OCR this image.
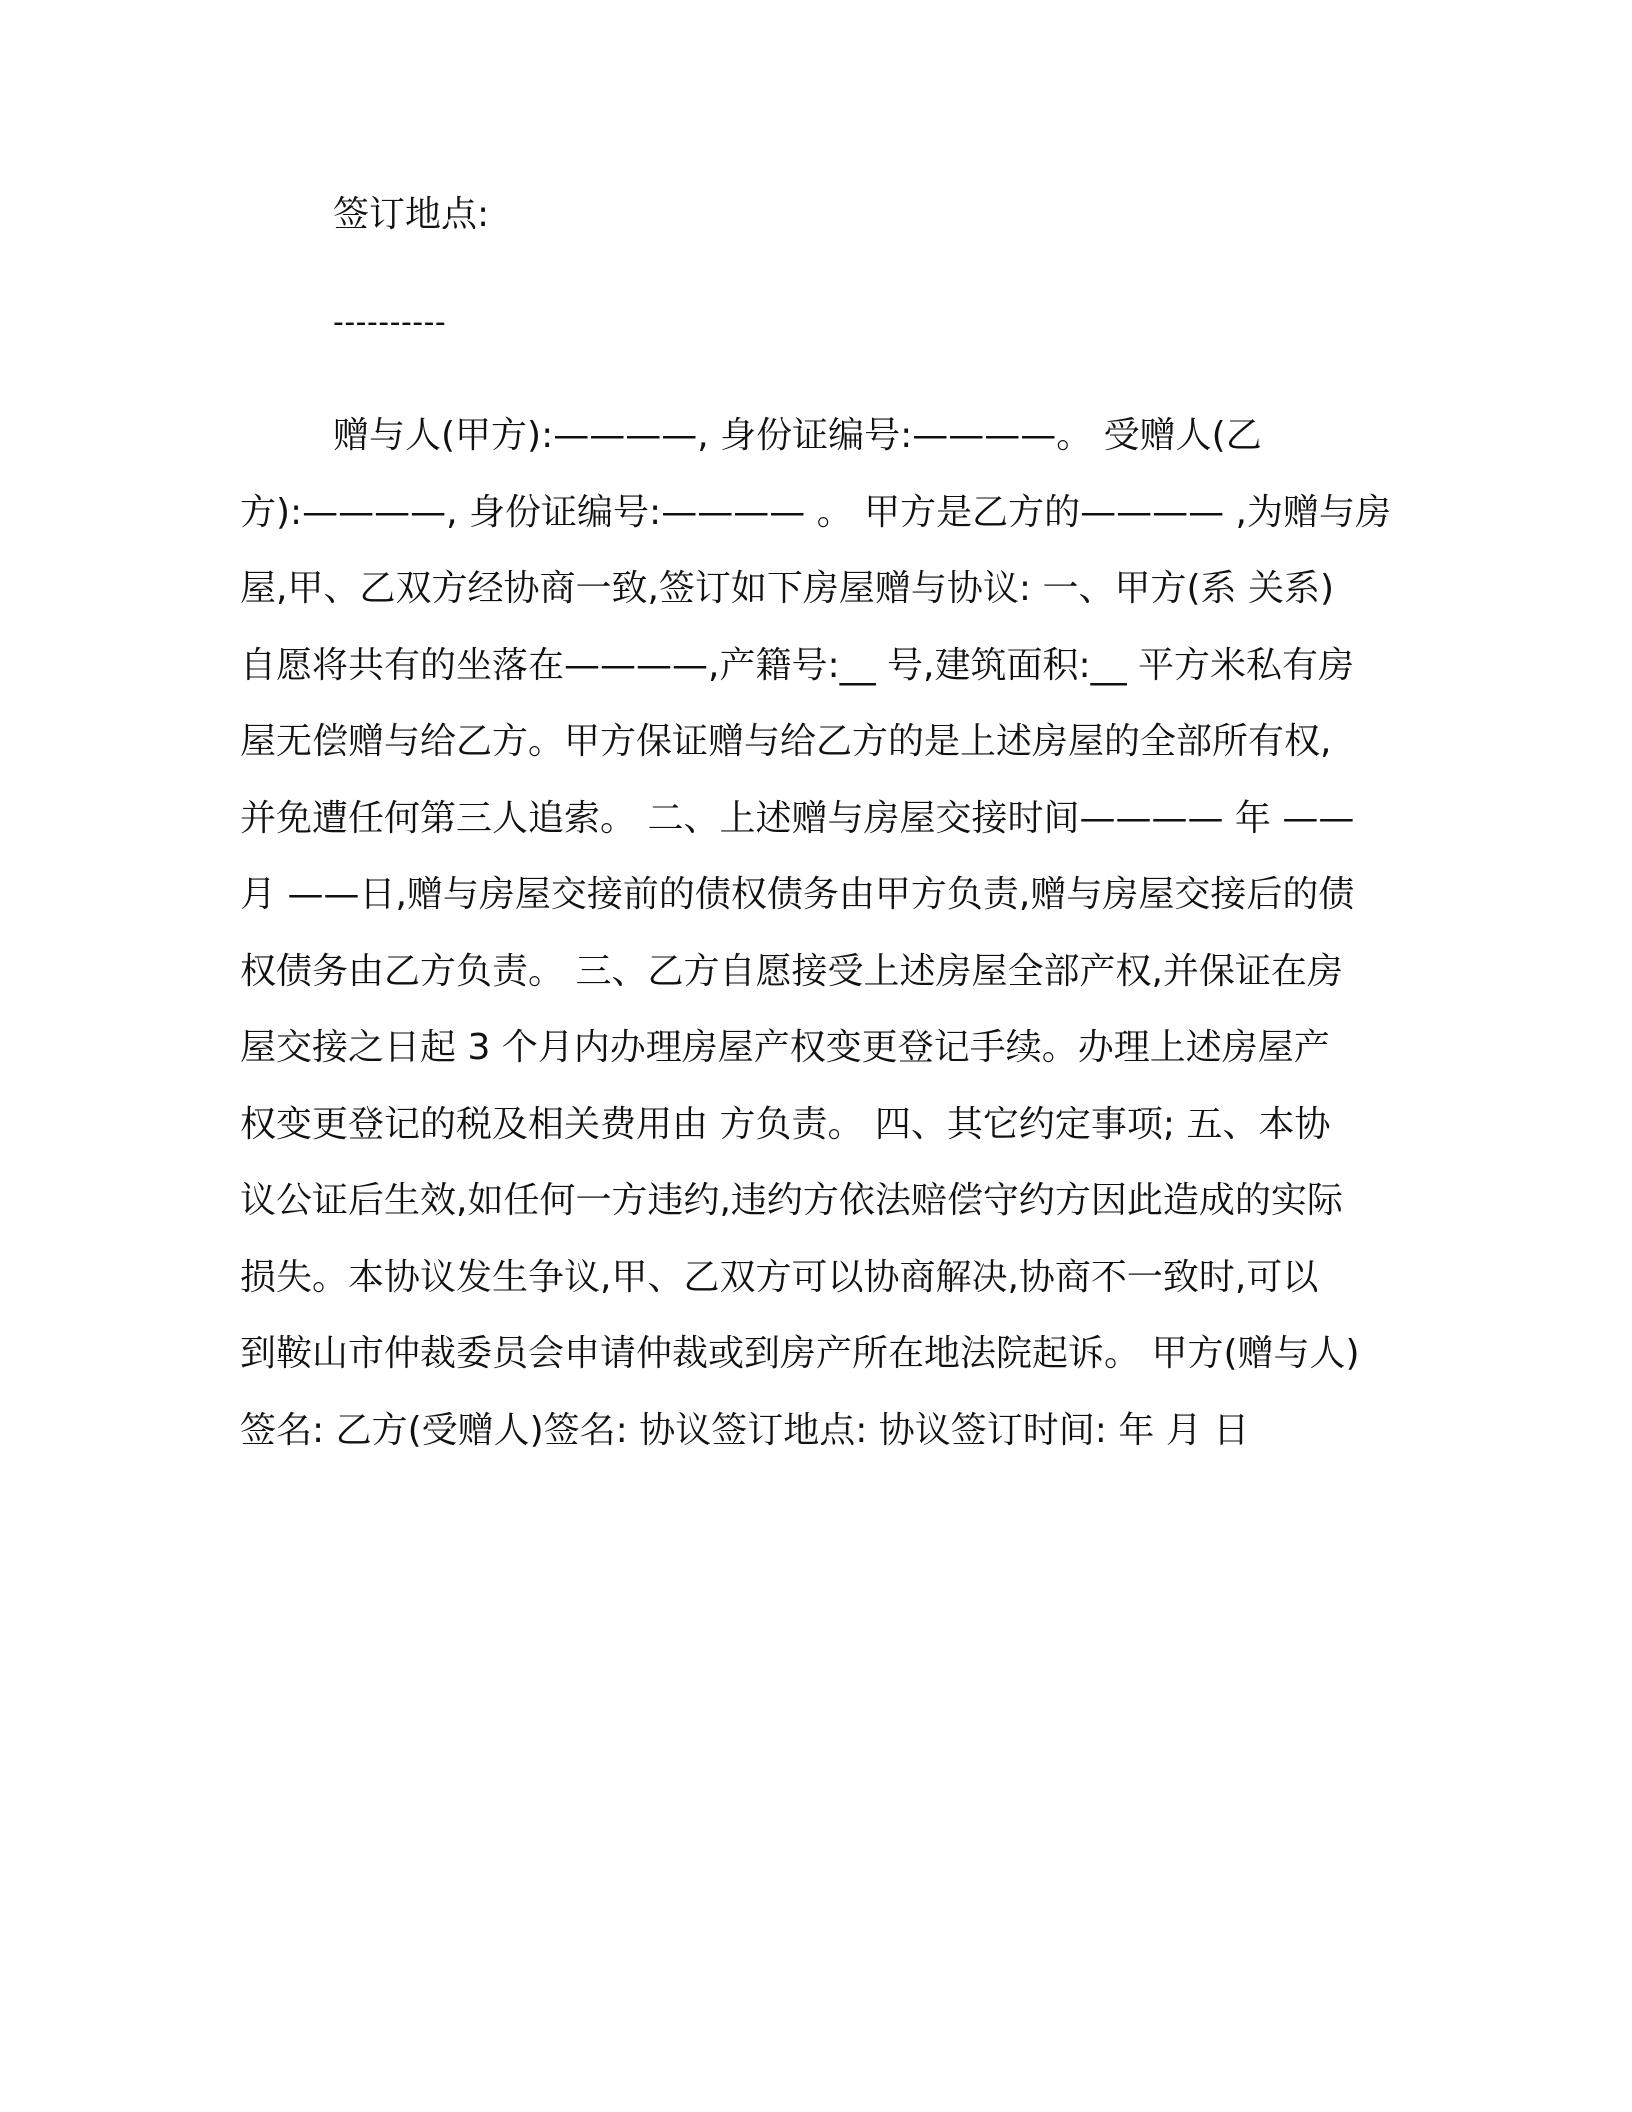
签订地点:
----------
赠与人(甲方):————, 身份证编号:————。 受赠人(乙
方):————, 身份证编号:———— 。 甲方是乙方的———— ,为赠与房
屋,甲、乙双方经协商一致,签订如下房屋赠与协议: 一、甲方(系 关系)
自愿将共有的坐落在————,产籍号:__ 号,建筑面积:__ 平方米私有房
屋无偿赠与给乙方。甲方保证赠与给乙方的是上述房屋的全部所有权,
并免遭任何第三人追索。 二、上述赠与房屋交接时间———— 年 ——
月 ——日,赠与房屋交接前的债权债务由甲方负责,赠与房屋交接后的债
权债务由乙方负责。 三、乙方自愿接受上述房屋全部产权,并保证在房
屋交接之日起 3 个月内办理房屋产权变更登记手续。办理上述房屋产
权变更登记的税及相关费用由 方负责。 四、其它约定事项; 五、本协
议公证后生效,如任何一方违约,违约方依法赔偿守约方因此造成的实际
损失。本协议发生争议,甲、乙双方可以协商解决,协商不一致时,可以
到鞍山市仲裁委员会申请仲裁或到房产所在地法院起诉。 甲方(赠与人)
签名: 乙方(受赠人)签名: 协议签订地点: 协议签订时间: 年 月 日
